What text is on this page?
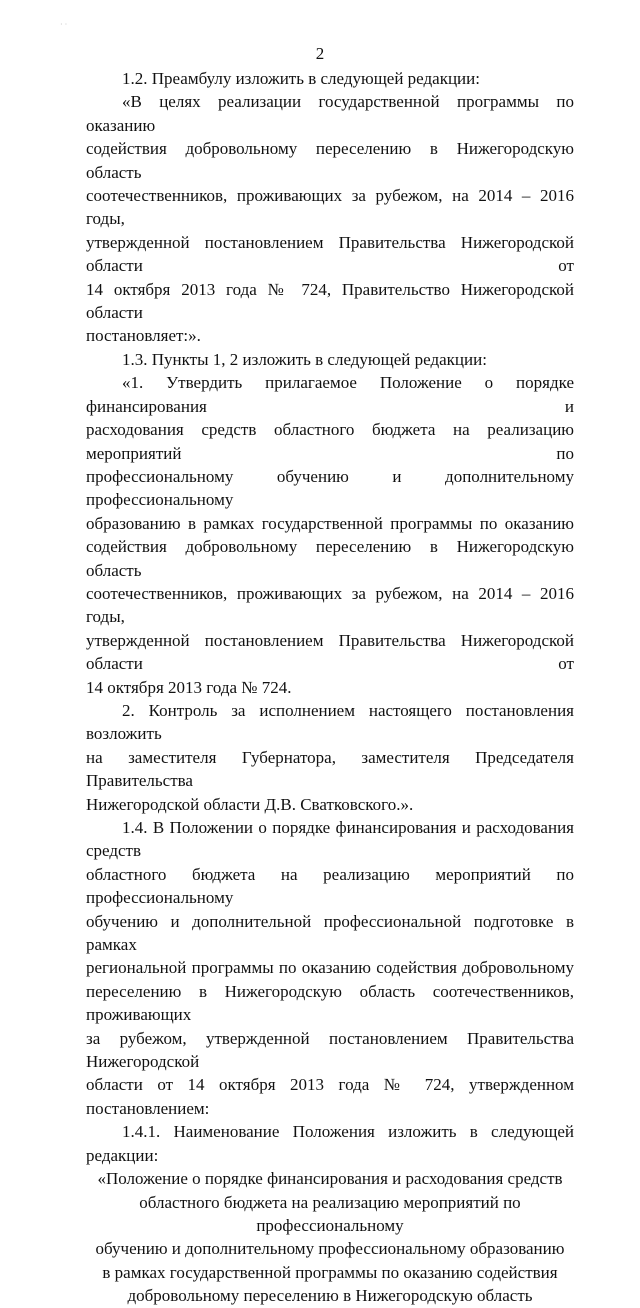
· ·
2

1.2. Преамбулу изложить в следующей редакции:

«В целях реализации государственной программы по оказанию
содействия добровольному переселению в Нижегородскую область
соотечественников, проживающих за рубежом, на 2014 – 2016 годы,
утвержденной постановлением Правительства Нижегородской области от
14 октября 2013 года № 724, Правительство Нижегородской области
постановляет:».

1.3. Пункты 1, 2 изложить в следующей редакции:

«1. Утвердить прилагаемое Положение о порядке финансирования и
расходования средств областного бюджета на реализацию мероприятий по
профессиональному обучению и дополнительному профессиональному
образованию в рамках государственной программы по оказанию
содействия добровольному переселению в Нижегородскую область
соотечественников, проживающих за рубежом, на 2014 – 2016 годы,
утвержденной постановлением Правительства Нижегородской области от
14 октября 2013 года № 724.

2. Контроль за исполнением настоящего постановления возложить
на заместителя Губернатора, заместителя Председателя Правительства
Нижегородской области Д.В. Сватковского.».

1.4. В Положении о порядке финансирования и расходования средств
областного бюджета на реализацию мероприятий по профессиональному
обучению и дополнительной профессиональной подготовке в рамках
региональной программы по оказанию содействия добровольному
переселению в Нижегородскую область соотечественников, проживающих
за рубежом, утвержденной постановлением Правительства Нижегородской
области от 14 октября 2013 года № 724, утвержденном постановлением:

1.4.1. Наименование Положения изложить в следующей редакции:

«Положение о порядке финансирования и расходования средств
областного бюджета на реализацию мероприятий по профессиональному
обучению и дополнительному профессиональному образованию
в рамках государственной программы по оказанию содействия
добровольному переселению в Нижегородскую область
